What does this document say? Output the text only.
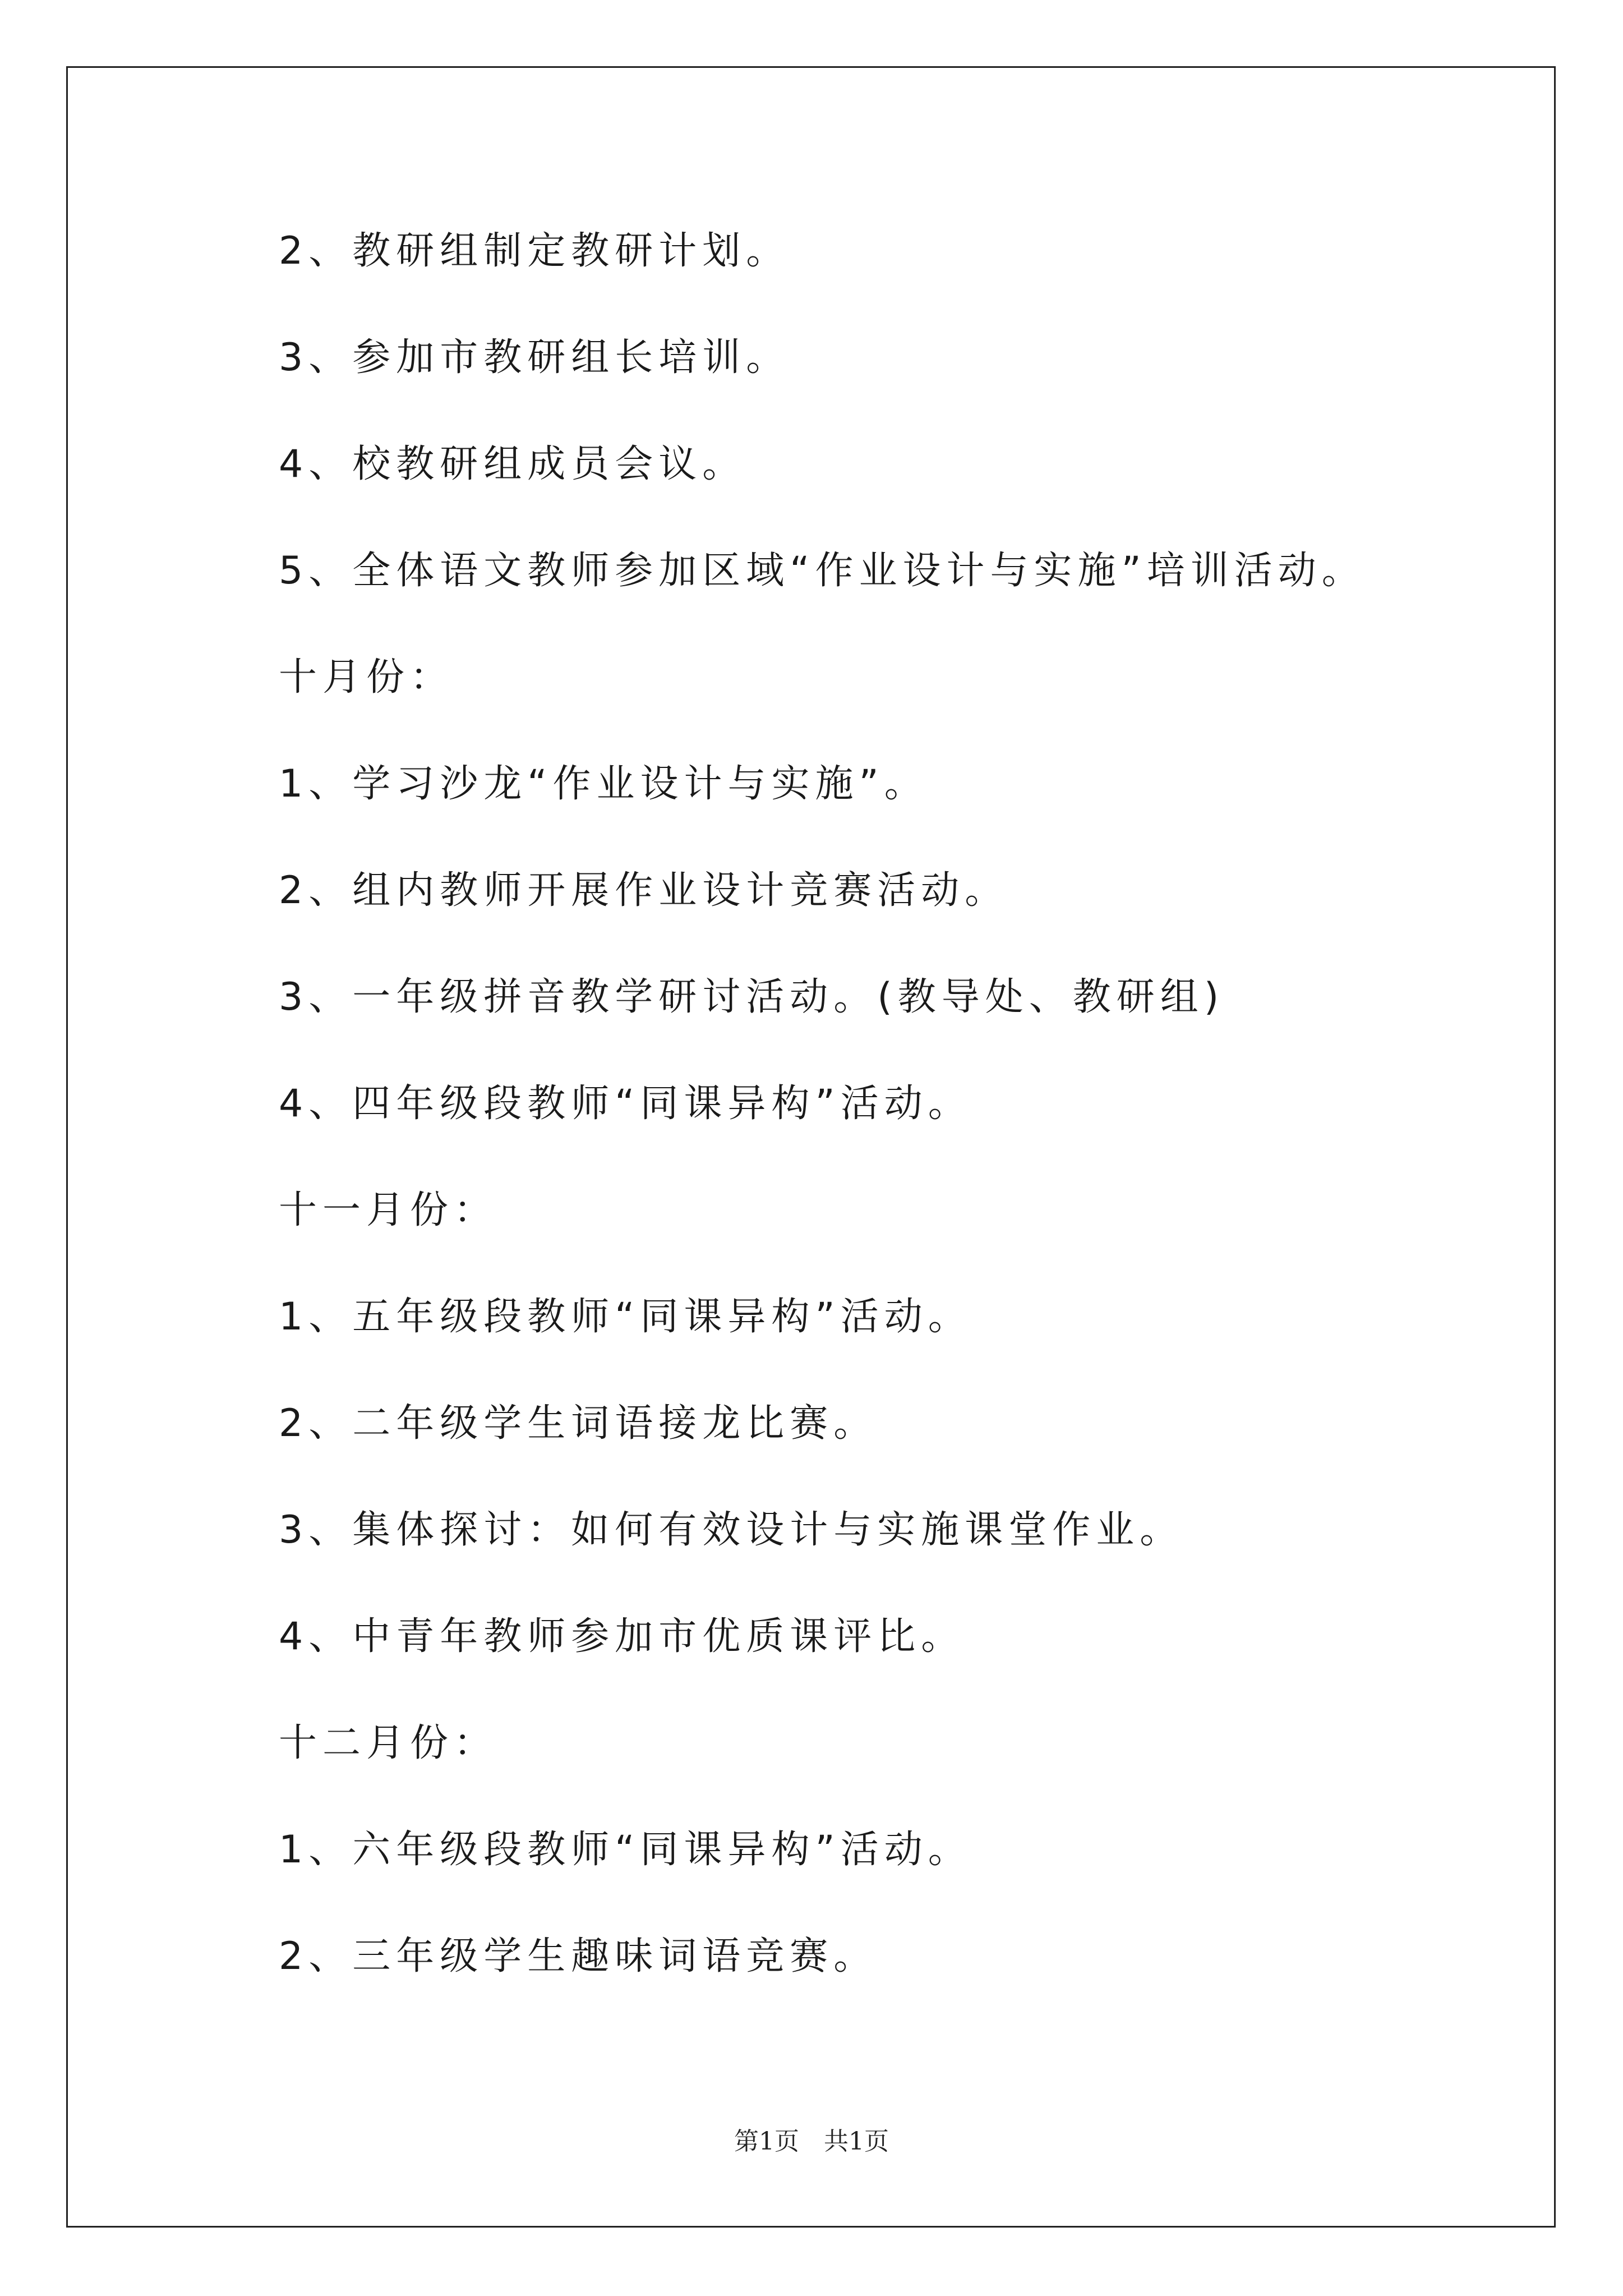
2、教研组制定教研计划。
3、参加市教研组长培训。
4、校教研组成员会议。
5、全体语文教师参加区域“作业设计与实施”培训活动。
十月份：
1、学习沙龙“作业设计与实施”。
2、组内教师开展作业设计竞赛活动。
3、一年级拼音教学研讨活动。(教导处、教研组)
4、四年级段教师“同课异构”活动。
十一月份：
1、五年级段教师“同课异构”活动。
2、二年级学生词语接龙比赛。
3、集体探讨：如何有效设计与实施课堂作业。
4、中青年教师参加市优质课评比。
十二月份：
1、六年级段教师“同课异构”活动。
2、三年级学生趣味词语竞赛。
第1页　共1页
